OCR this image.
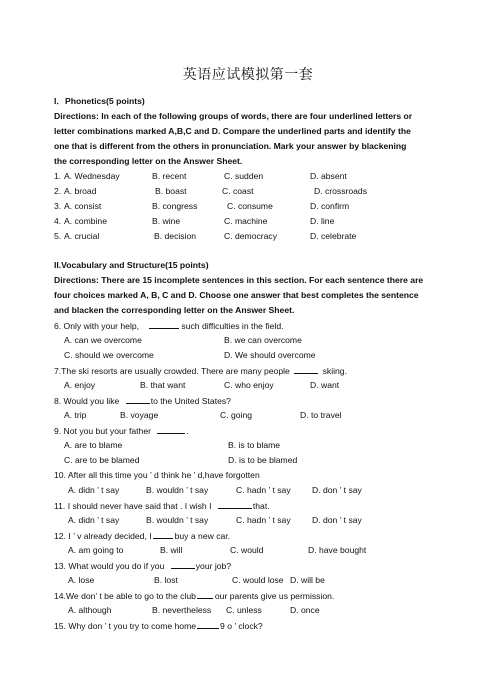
英语应试模拟第一套
I．Phonetics(5 points)
Directions: In each of the following groups of words, there are four underlined letters or
letter combinations marked A,B,C and D. Compare the underlined parts and identify the
one that is different from the others in pronunciation. Mark your answer by blackening
the corresponding letter on the Answer Sheet.
1. A. Wednesday	B. recent	C. sudden	D. absent
2. A. broad	B. boast	C. coast	D. crossroads
3. A. consist	B. congress	C. consume	D. confirm
4. A. combine	B. wine	C. machine	D. line
5. A. crucial	B. decision	C. democracy	D. celebrate
II.Vocabulary and Structure(15 points)
Directions: There are 15 incomplete sentences in this section. For each sentence there are
four choices marked A, B, C and D. Choose one answer that best completes the sentence
and blacken the corresponding letter on the Answer Sheet.
6. Only with your help,	such difficulties in the field.
A. can we overcome	B. we can overcome
C. should we overcome	D. We should overcome
7.The ski resorts are usually crowded. There are many people	skiing.
A. enjoy	B. that want	C. who enjoy	D. want
8. Would you like	to the United States?
A. trip	B. voyage	C. going	D. to travel
9. Not you but your father	.
A. are to blame	B. is to blame
C. are to be blamed	D. is to be blamed
10. After all this time you ’ d think he ’ d,have forgotten
A. didn ’ t say	B. wouldn ’ t say	C. hadn ’ t say D. don ’ t say
11. I should never have said that . I wish I	that.
A. didn ’ t say	B. wouldn ’ t say	C. hadn ’ t say D. don ’ t say
12. I ’ v already decided, I	buy a new car.
A. am going to	B. will	C. would	D. have bought
13. What would you do if you	your job?
A. lose	B. lost	C. would lose D. will be
14.We don’ t be able to go to the club our parents give us permission.
A. although	B. nevertheless C. unless	D. once
15. Why don ’ t you try to come home	9 o ’ clock?
